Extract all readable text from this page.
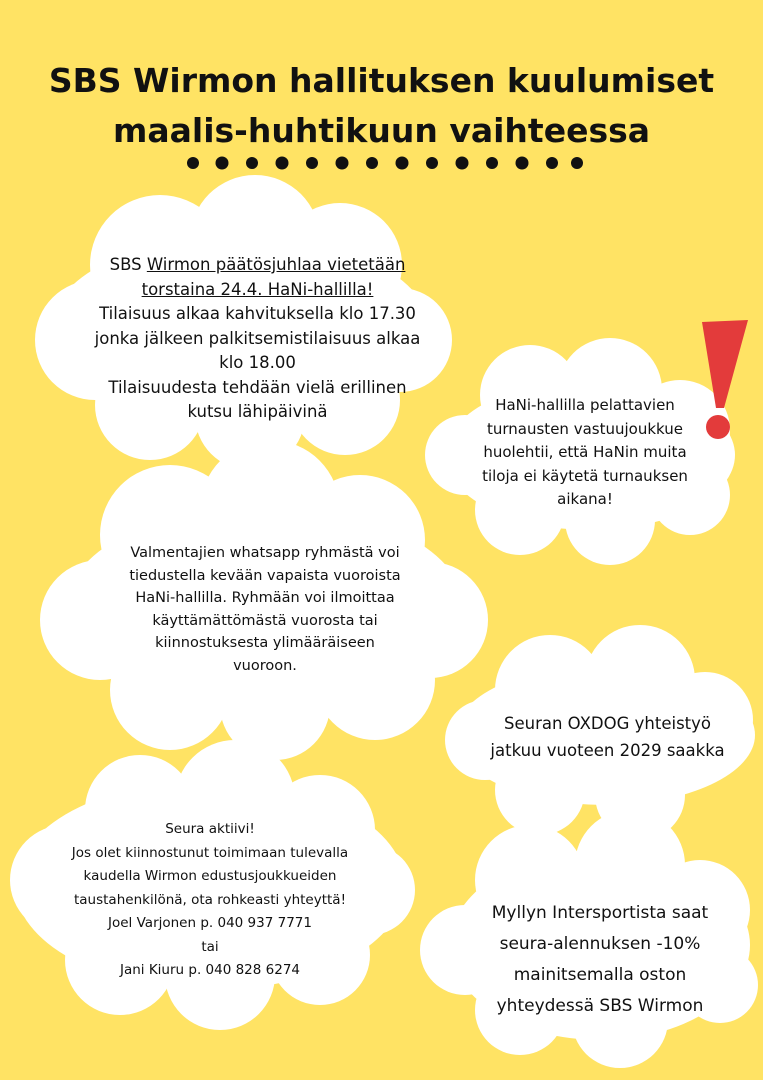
SBS Wirmon hallituksen kuulumiset
maalis-huhtikuun vaihteessa
SBS Wirmon päätösjuhlaa vietetään
torstaina 24.4. HaNi-hallilla!
Tilaisuus alkaa kahvituksella klo 17.30
jonka jälkeen palkitsemistilaisuus alkaa
klo 18.00
Tilaisuudesta tehdään vielä erillinen
kutsu lähipäivinä	HaNi-hallilla pelattavien
turnausten vastuujoukkue
huolehtii, että HaNin muita
tiloja ei käytetä turnauksen
aikana!
Valmentajien whatsapp ryhmästä voi
tiedustella kevään vapaista vuoroista
HaNi-hallilla. Ryhmään voi ilmoittaa
käyttämättömästä vuorosta tai
kiinnostuksesta ylimääräiseen
vuoroon.
Seuran OXDOG yhteistyö
jatkuu vuoteen 2029 saakka
Seura aktiivi!
Jos olet kiinnostunut toimimaan tulevalla
kaudella Wirmon edustusjoukkueiden
taustahenkilönä, ota rohkeasti yhteyttä!
Joel Varjonen p. 040 937 7771
tai
Jani Kiuru p. 040 828 6274
Myllyn Intersportista saat
seura-alennuksen -10%
mainitsemalla oston
yhteydessä SBS Wirmon
